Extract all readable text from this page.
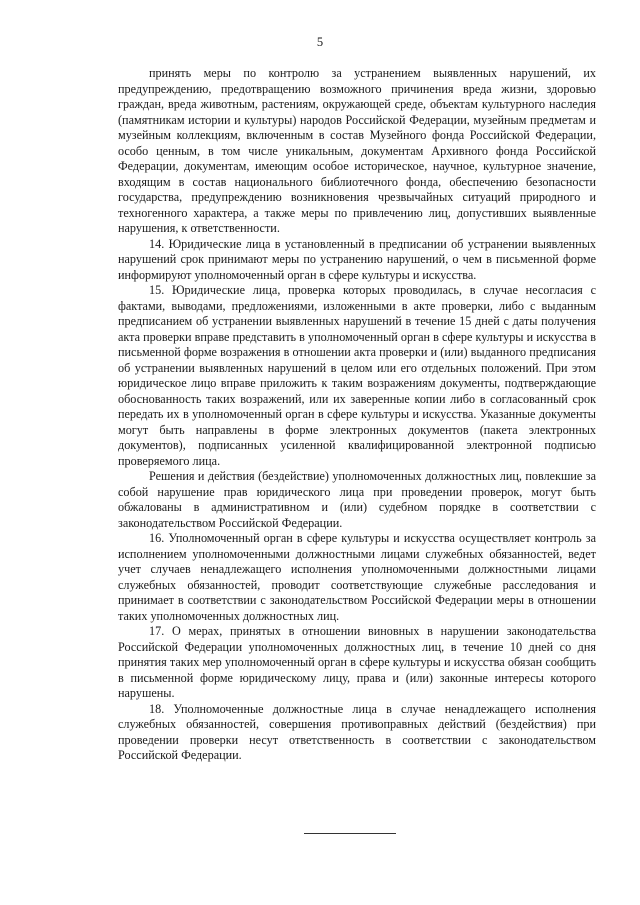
5

принять меры по контролю за устранением выявленных нарушений, их предупреждению, предотвращению возможного причинения вреда жизни, здоровью граждан, вреда животным, растениям, окружающей среде, объектам культурного наследия (памятникам истории и культуры) народов Российской Федерации, музейным предметам и музейным коллекциям, включенным в состав Музейного фонда Российской Федерации, особо ценным, в том числе уникальным, документам Архивного фонда Российской Федерации, документам, имеющим особое историческое, научное, культурное значение, входящим в состав национального библиотечного фонда, обеспечению безопасности государства, предупреждению возникновения чрезвычайных ситуаций природного и техногенного характера, а также меры по привлечению лиц, допустивших выявленные нарушения, к ответственности.

14. Юридические лица в установленный в предписании об устранении выявленных нарушений срок принимают меры по устранению нарушений, о чем в письменной форме информируют уполномоченный орган в сфере культуры и искусства.

15. Юридические лица, проверка которых проводилась, в случае несогласия с фактами, выводами, предложениями, изложенными в акте проверки, либо с выданным предписанием об устранении выявленных нарушений в течение 15 дней с даты получения акта проверки вправе представить в уполномоченный орган в сфере культуры и искусства в письменной форме возражения в отношении акта проверки и (или) выданного предписания об устранении выявленных нарушений в целом или его отдельных положений. При этом юридическое лицо вправе приложить к таким возражениям документы, подтверждающие обоснованность таких возражений, или их заверенные копии либо в согласованный срок передать их в уполномоченный орган в сфере культуры и искусства. Указанные документы могут быть направлены в форме электронных документов (пакета электронных документов), подписанных усиленной квалифицированной электронной подписью проверяемого лица.

Решения и действия (бездействие) уполномоченных должностных лиц, повлекшие за собой нарушение прав юридического лица при проведении проверок, могут быть обжалованы в административном и (или) судебном порядке в соответствии с законодательством Российской Федерации.

16. Уполномоченный орган в сфере культуры и искусства осуществляет контроль за исполнением уполномоченными должностными лицами служебных обязанностей, ведет учет случаев ненадлежащего исполнения уполномоченными должностными лицами служебных обязанностей, проводит соответствующие служебные расследования и принимает в соответствии с законодательством Российской Федерации меры в отношении таких уполномоченных должностных лиц.

17. О мерах, принятых в отношении виновных в нарушении законодательства Российской Федерации уполномоченных должностных лиц, в течение 10 дней со дня принятия таких мер уполномоченный орган в сфере культуры и искусства обязан сообщить в письменной форме юридическому лицу, права и (или) законные интересы которого нарушены.

18. Уполномоченные должностные лица в случае ненадлежащего исполнения служебных обязанностей, совершения противоправных действий (бездействия) при проведении проверки несут ответственность в соответствии с законодательством Российской Федерации.
